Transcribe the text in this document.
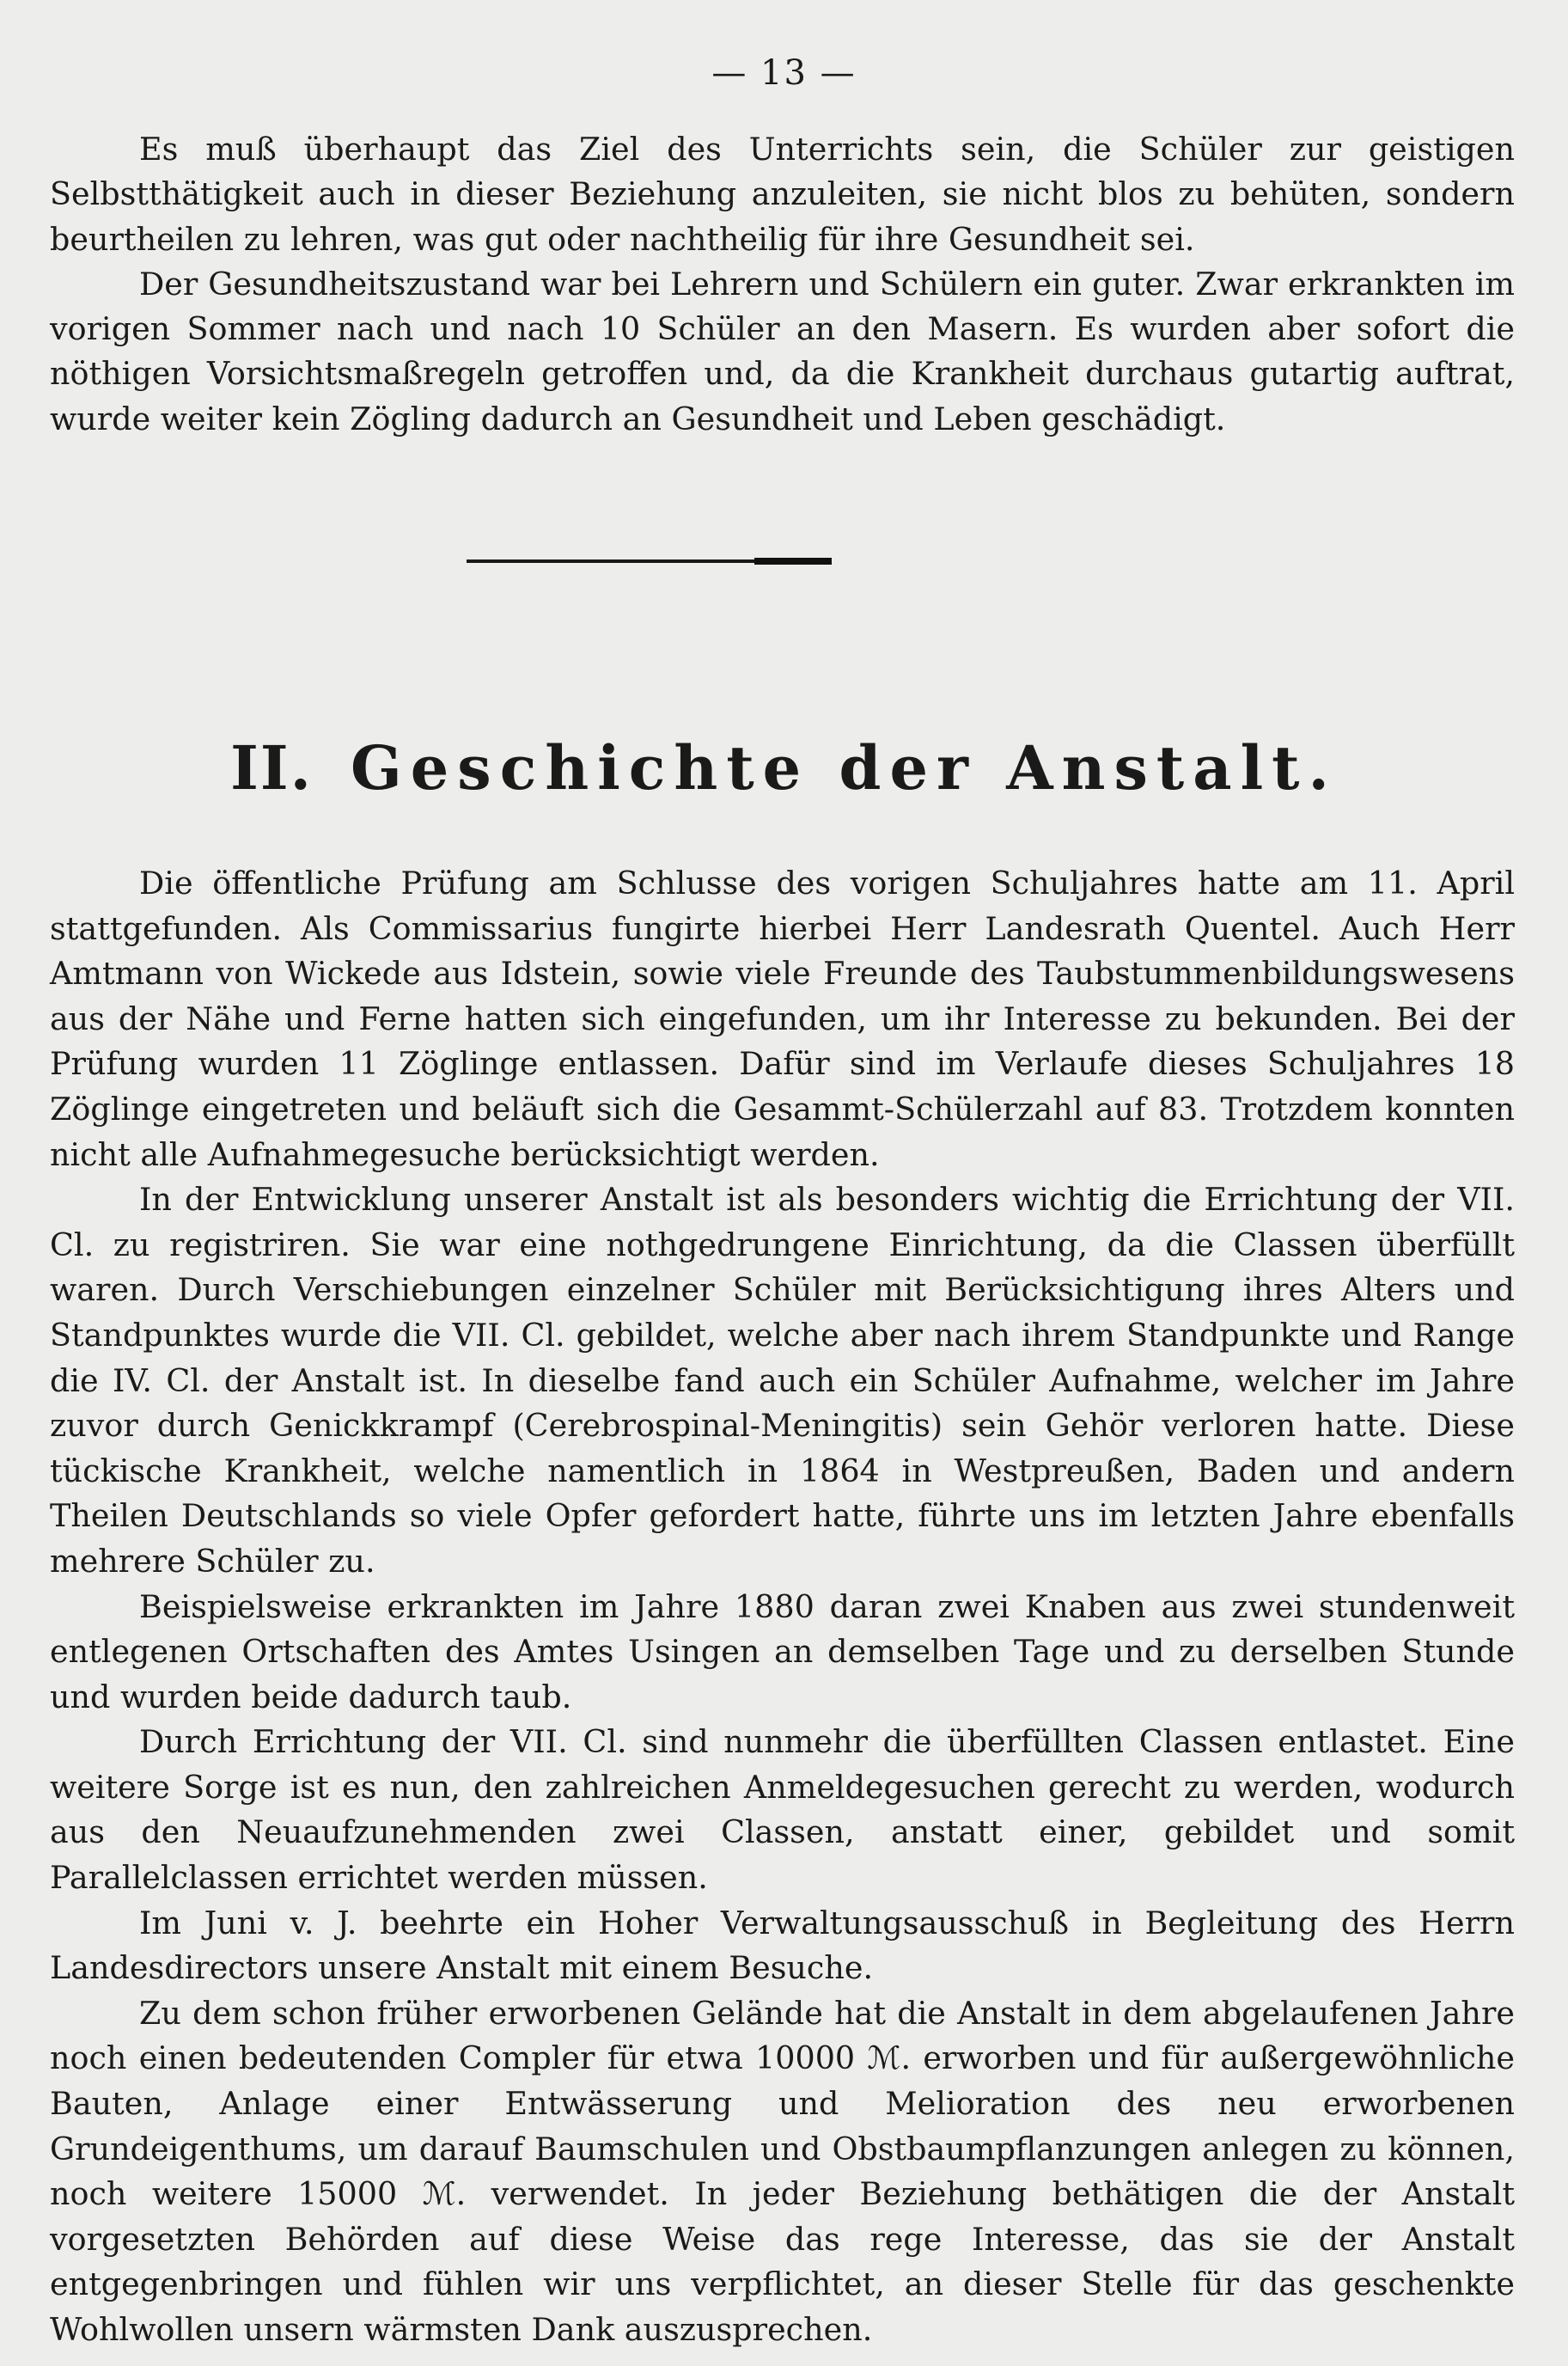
— 13 —

Es muß überhaupt das Ziel des Unterrichts sein, die Schüler zur geistigen Selbstthätigkeit auch in dieser Beziehung anzuleiten, sie nicht blos zu behüten, sondern beurtheilen zu lehren, was gut oder nachtheilig für ihre Gesundheit sei.

Der Gesundheitszustand war bei Lehrern und Schülern ein guter. Zwar erkrankten im vorigen Sommer nach und nach 10 Schüler an den Masern. Es wurden aber sofort die nöthigen Vorsichtsmaßregeln getroffen und, da die Krankheit durchaus gutartig auftrat, wurde weiter kein Zögling dadurch an Gesundheit und Leben geschädigt.

II. Geschichte der Anstalt.

Die öffentliche Prüfung am Schlusse des vorigen Schuljahres hatte am 11. April stattgefunden. Als Commissarius fungirte hierbei Herr Landesrath Quentel. Auch Herr Amtmann von Wickede aus Idstein, sowie viele Freunde des Taubstummenbildungswesens aus der Nähe und Ferne hatten sich eingefunden, um ihr Interesse zu bekunden. Bei der Prüfung wurden 11 Zöglinge entlassen. Dafür sind im Verlaufe dieses Schuljahres 18 Zöglinge eingetreten und beläuft sich die Gesammt-Schülerzahl auf 83. Trotzdem konnten nicht alle Aufnahmegesuche berücksichtigt werden.

In der Entwicklung unserer Anstalt ist als besonders wichtig die Errichtung der VII. Cl. zu registriren. Sie war eine nothgedrungene Einrichtung, da die Classen überfüllt waren. Durch Verschiebungen einzelner Schüler mit Berücksichtigung ihres Alters und Standpunktes wurde die VII. Cl. gebildet, welche aber nach ihrem Standpunkte und Range die IV. Cl. der Anstalt ist. In dieselbe fand auch ein Schüler Aufnahme, welcher im Jahre zuvor durch Genickkrampf (Cerebrospinal-Meningitis) sein Gehör verloren hatte. Diese tückische Krankheit, welche namentlich in 1864 in Westpreußen, Baden und andern Theilen Deutschlands so viele Opfer gefordert hatte, führte uns im letzten Jahre ebenfalls mehrere Schüler zu.

Beispielsweise erkrankten im Jahre 1880 daran zwei Knaben aus zwei stundenweit entlegenen Ortschaften des Amtes Usingen an demselben Tage und zu derselben Stunde und wurden beide dadurch taub.

Durch Errichtung der VII. Cl. sind nunmehr die überfüllten Classen entlastet. Eine weitere Sorge ist es nun, den zahlreichen Anmeldegesuchen gerecht zu werden, wodurch aus den Neuaufzunehmenden zwei Classen, anstatt einer, gebildet und somit Parallelclassen errichtet werden müssen.

Im Juni v. J. beehrte ein Hoher Verwaltungsausschuß in Begleitung des Herrn Landesdirectors unsere Anstalt mit einem Besuche.

Zu dem schon früher erworbenen Gelände hat die Anstalt in dem abgelaufenen Jahre noch einen bedeutenden Compler für etwa 10000 ℳ. erworben und für außergewöhnliche Bauten, Anlage einer Entwässerung und Melioration des neu erworbenen Grundeigenthums, um darauf Baumschulen und Obstbaumpflanzungen anlegen zu können, noch weitere 15000 ℳ. verwendet. In jeder Beziehung bethätigen die der Anstalt vorgesetzten Behörden auf diese Weise das rege Interesse, das sie der Anstalt entgegenbringen und fühlen wir uns verpflichtet, an dieser Stelle für das geschenkte Wohlwollen unsern wärmsten Dank auszusprechen.
